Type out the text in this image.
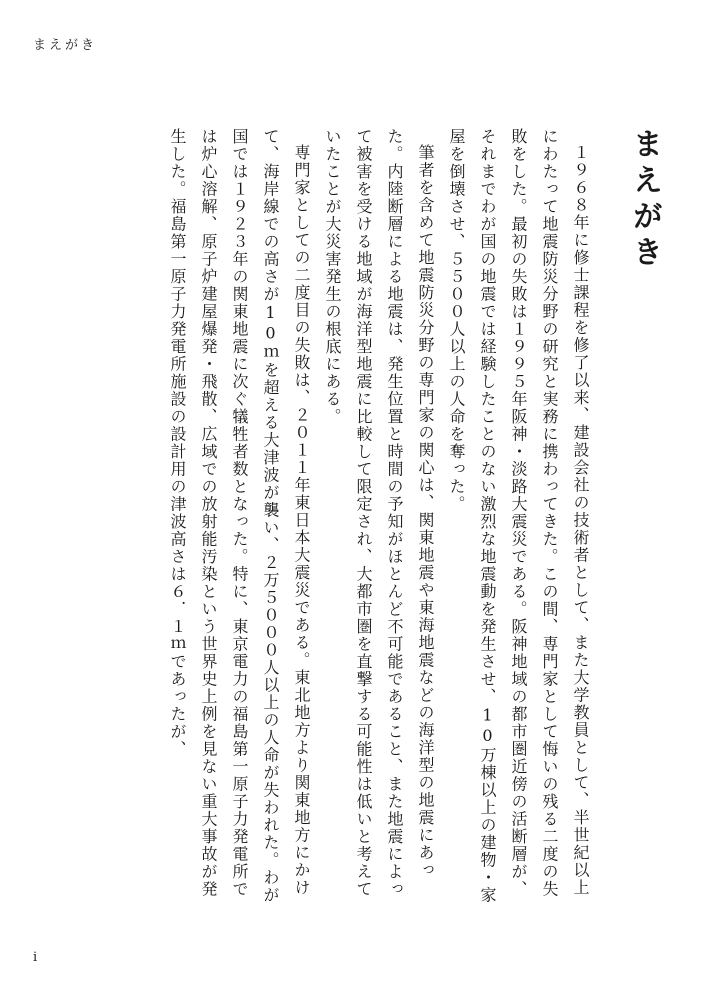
まえがき
まえがき

１９６８年に修士課程を修了以来、建設会社の技術者として、また大学教員として、半世紀以上にわたって地震防災分野の研究と実務に携わってきた。この間、専門家として悔いの残る二度の失敗をした。最初の失敗は１９９５年阪神・淡路大震災である。阪神地域の都市圏近傍の活断層が、それまでわが国の地震では経験したことのない激烈な地震動を発生させ、10万棟以上の建物・家屋を倒壊させ、５５００人以上の人命を奪った。

筆者を含めて地震防災分野の専門家の関心は、関東地震や東海地震などの海洋型の地震にあった。内陸断層による地震は、発生位置と時間の予知がほとんど不可能であること、また地震によって被害を受ける地域が海洋型地震に比較して限定され、大都市圏を直撃する可能性は低いと考えていたことが大災害発生の根底にある。

専門家としての二度目の失敗は、２０１１年東日本大震災である。東北地方より関東地方にかけて、海岸線での高さが10ｍを超える大津波が襲い、２万５０００人以上の人命が失われた。わが国では１９２３年の関東地震に次ぐ犠牲者数となった。特に、東京電力の福島第一原子力発電所では炉心溶解、原子炉建屋爆発・飛散、広域での放射能汚染という世界史上例を見ない重大事故が発生した。福島第一原子力発電所施設の設計用の津波高さは６．１ｍであったが、

i
